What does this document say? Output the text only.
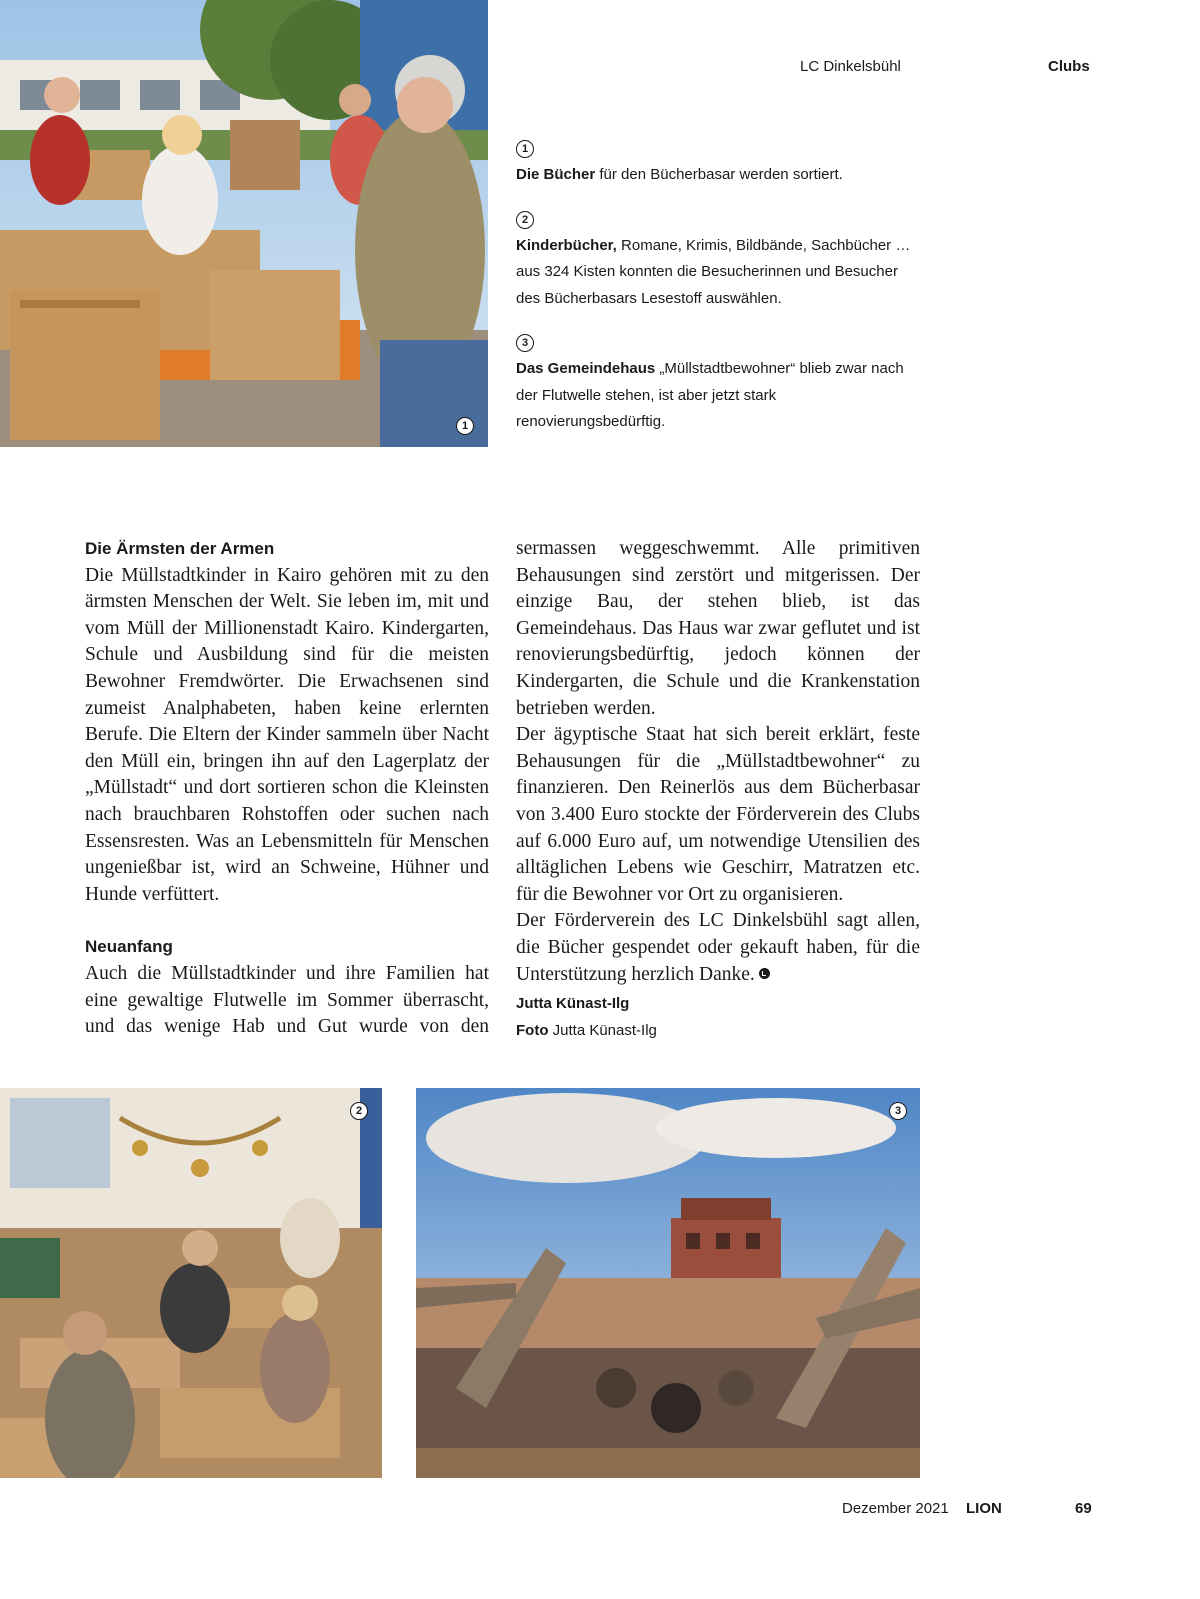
LC Dinkelsbühl	Clubs
1
1
Die Bücher für den Bücherbasar werden sortiert.
2
Kinderbücher, Romane, Krimis, Bildbände, Sachbücher … aus 324 Kisten konnten die Besucherinnen und Besucher des Bücherbasars Lesestoff auswählen.
3
Das Gemeindehaus „Müllstadtbewohner“ blieb zwar nach der Flutwelle stehen, ist aber jetzt stark renovierungsbedürftig.
Die Ärmsten der Armen

Die Müllstadtkinder in Kairo gehören mit zu den ärmsten Menschen der Welt. Sie leben im, mit und vom Müll der Millionenstadt Kairo. Kindergarten, Schule und Ausbildung sind für die meisten Bewohner Fremdwörter. Die Erwachsenen sind zumeist Analphabeten, haben keine erlernten Berufe. Die Eltern der Kinder sammeln über Nacht den Müll ein, bringen ihn auf den Lagerplatz der „Müllstadt“ und dort sortieren schon die Kleinsten nach brauchbaren Rohstoffen oder suchen nach Essensresten. Was an Lebensmitteln für Menschen ungenießbar ist, wird an Schweine, Hühner und Hunde verfüttert.

Neuanfang

Auch die Müllstadtkinder und ihre Familien hat eine gewaltige Flutwelle im Sommer überrascht, und das wenige Hab und Gut wurde von den

sermassen weggeschwemmt. Alle primitiven Behausungen sind zerstört und mitgerissen. Der einzige Bau, der stehen blieb, ist das Gemeindehaus. Das Haus war zwar geflutet und ist renovierungsbedürftig, jedoch können der Kindergarten, die Schule und die Krankenstation betrieben werden.

Der ägyptische Staat hat sich bereit erklärt, feste Behausungen für die „Müllstadtbewohner“ zu finanzieren. Den Reinerlös aus dem Bücherbasar von 3.400 Euro stockte der Förderverein des Clubs auf 6.000 Euro auf, um notwendige Utensilien des alltäglichen Lebens wie Geschirr, Matratzen etc. für die Bewohner vor Ort zu organisieren.

Der Förderverein des LC Dinkelsbühl sagt allen, die Bücher gespendet oder gekauft haben, für die Unterstützung herzlich Danke.

Jutta Künast-Ilg
Foto Jutta Künast-Ilg
2	3
Dezember 2021 LION	69
